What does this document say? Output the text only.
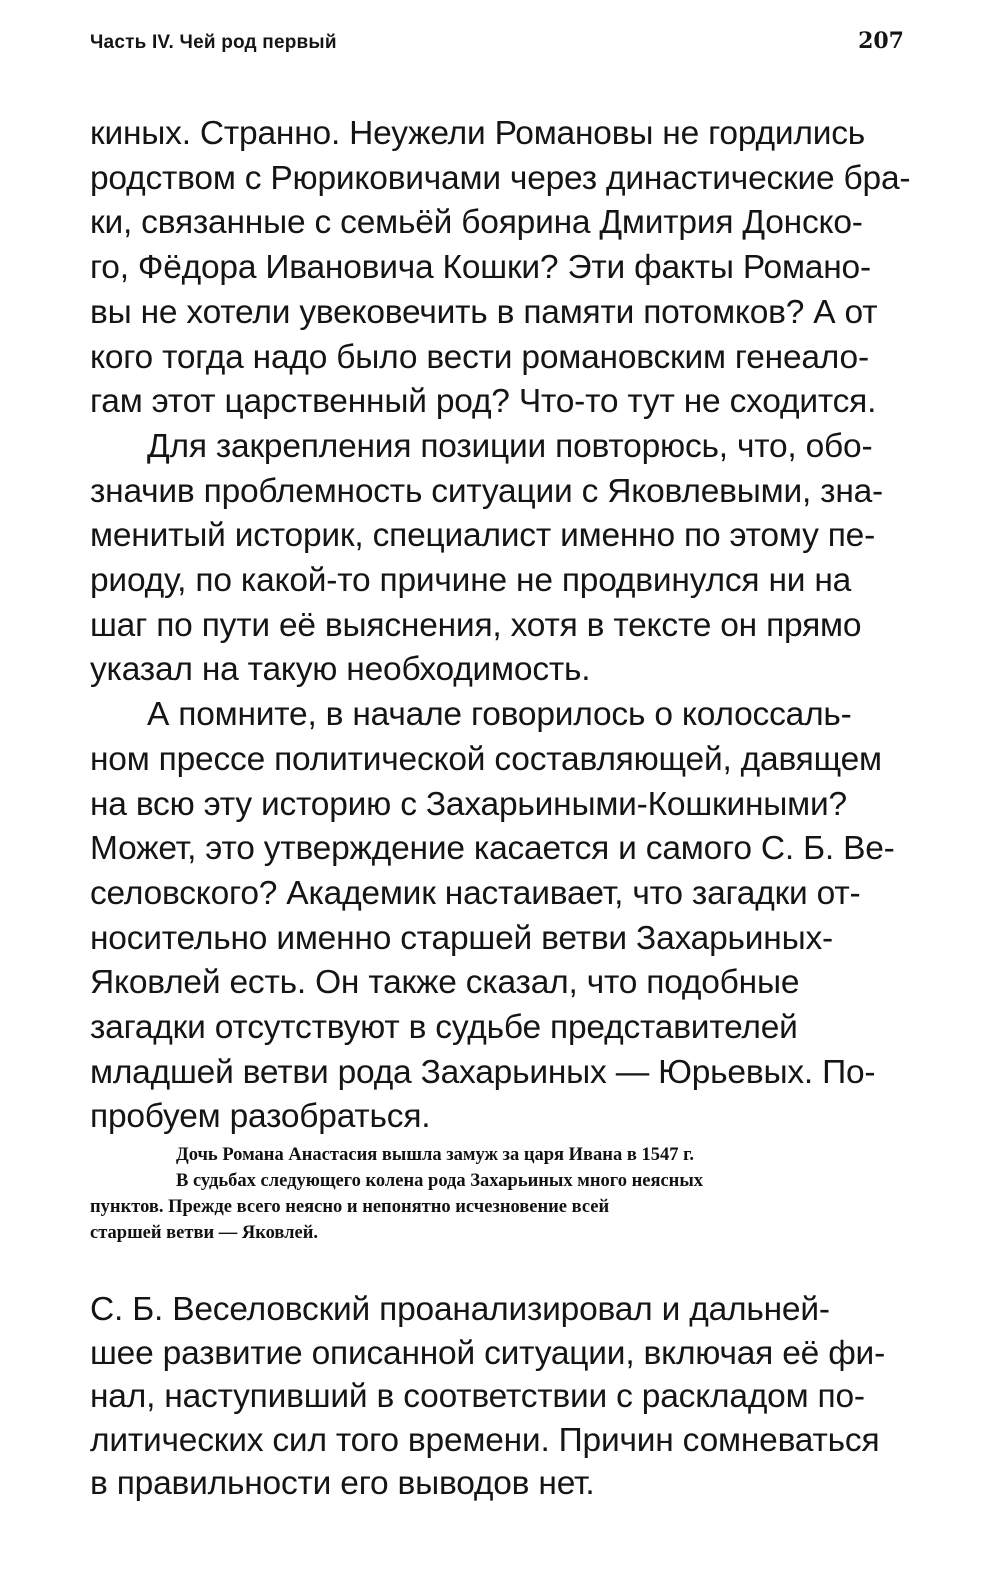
Часть IV. Чей род первый	207
киных. Странно. Неужели Романовы не гордились
родством с Рюриковичами через династические бра-
ки, связанные с семьёй боярина Дмитрия Донско-
го, Фёдора Ивановича Кошки? Эти факты Романо-
вы не хотели увековечить в памяти потомков? А от
кого тогда надо было вести романовским генеало-
гам этот царственный род? Что-то тут не сходится.
Для закрепления позиции повторюсь, что, обо-
значив проблемность ситуации с Яковлевыми, зна-
менитый историк, специалист именно по этому пе-
риоду, по какой-то причине не продвинулся ни на
шаг по пути её выяснения, хотя в тексте он прямо
указал на такую необходимость.
А помните, в начале говорилось о колоссаль-
ном прессе политической составляющей, давящем
на всю эту историю с Захарьиными-Кошкиными?
Может, это утверждение касается и самого С. Б. Ве-
селовского? Академик настаивает, что загадки от-
носительно именно старшей ветви Захарьиных-
Яковлей есть. Он также сказал, что подобные
загадки отсутствуют в судьбе представителей
младшей ветви рода Захарьиных — Юрьевых. По-
пробуем разобраться.
Дочь Романа Анастасия вышла замуж за царя Ивана в 1547 г.
В судьбах следующего колена рода Захарьиных много неясных
пунктов. Прежде всего неясно и непонятно исчезновение всей
старшей ветви — Яковлей.
С. Б. Веселовский проанализировал и дальней-
шее развитие описанной ситуации, включая её фи-
нал, наступивший в соответствии с раскладом по-
литических сил того времени. Причин сомневаться
в правильности его выводов нет.
